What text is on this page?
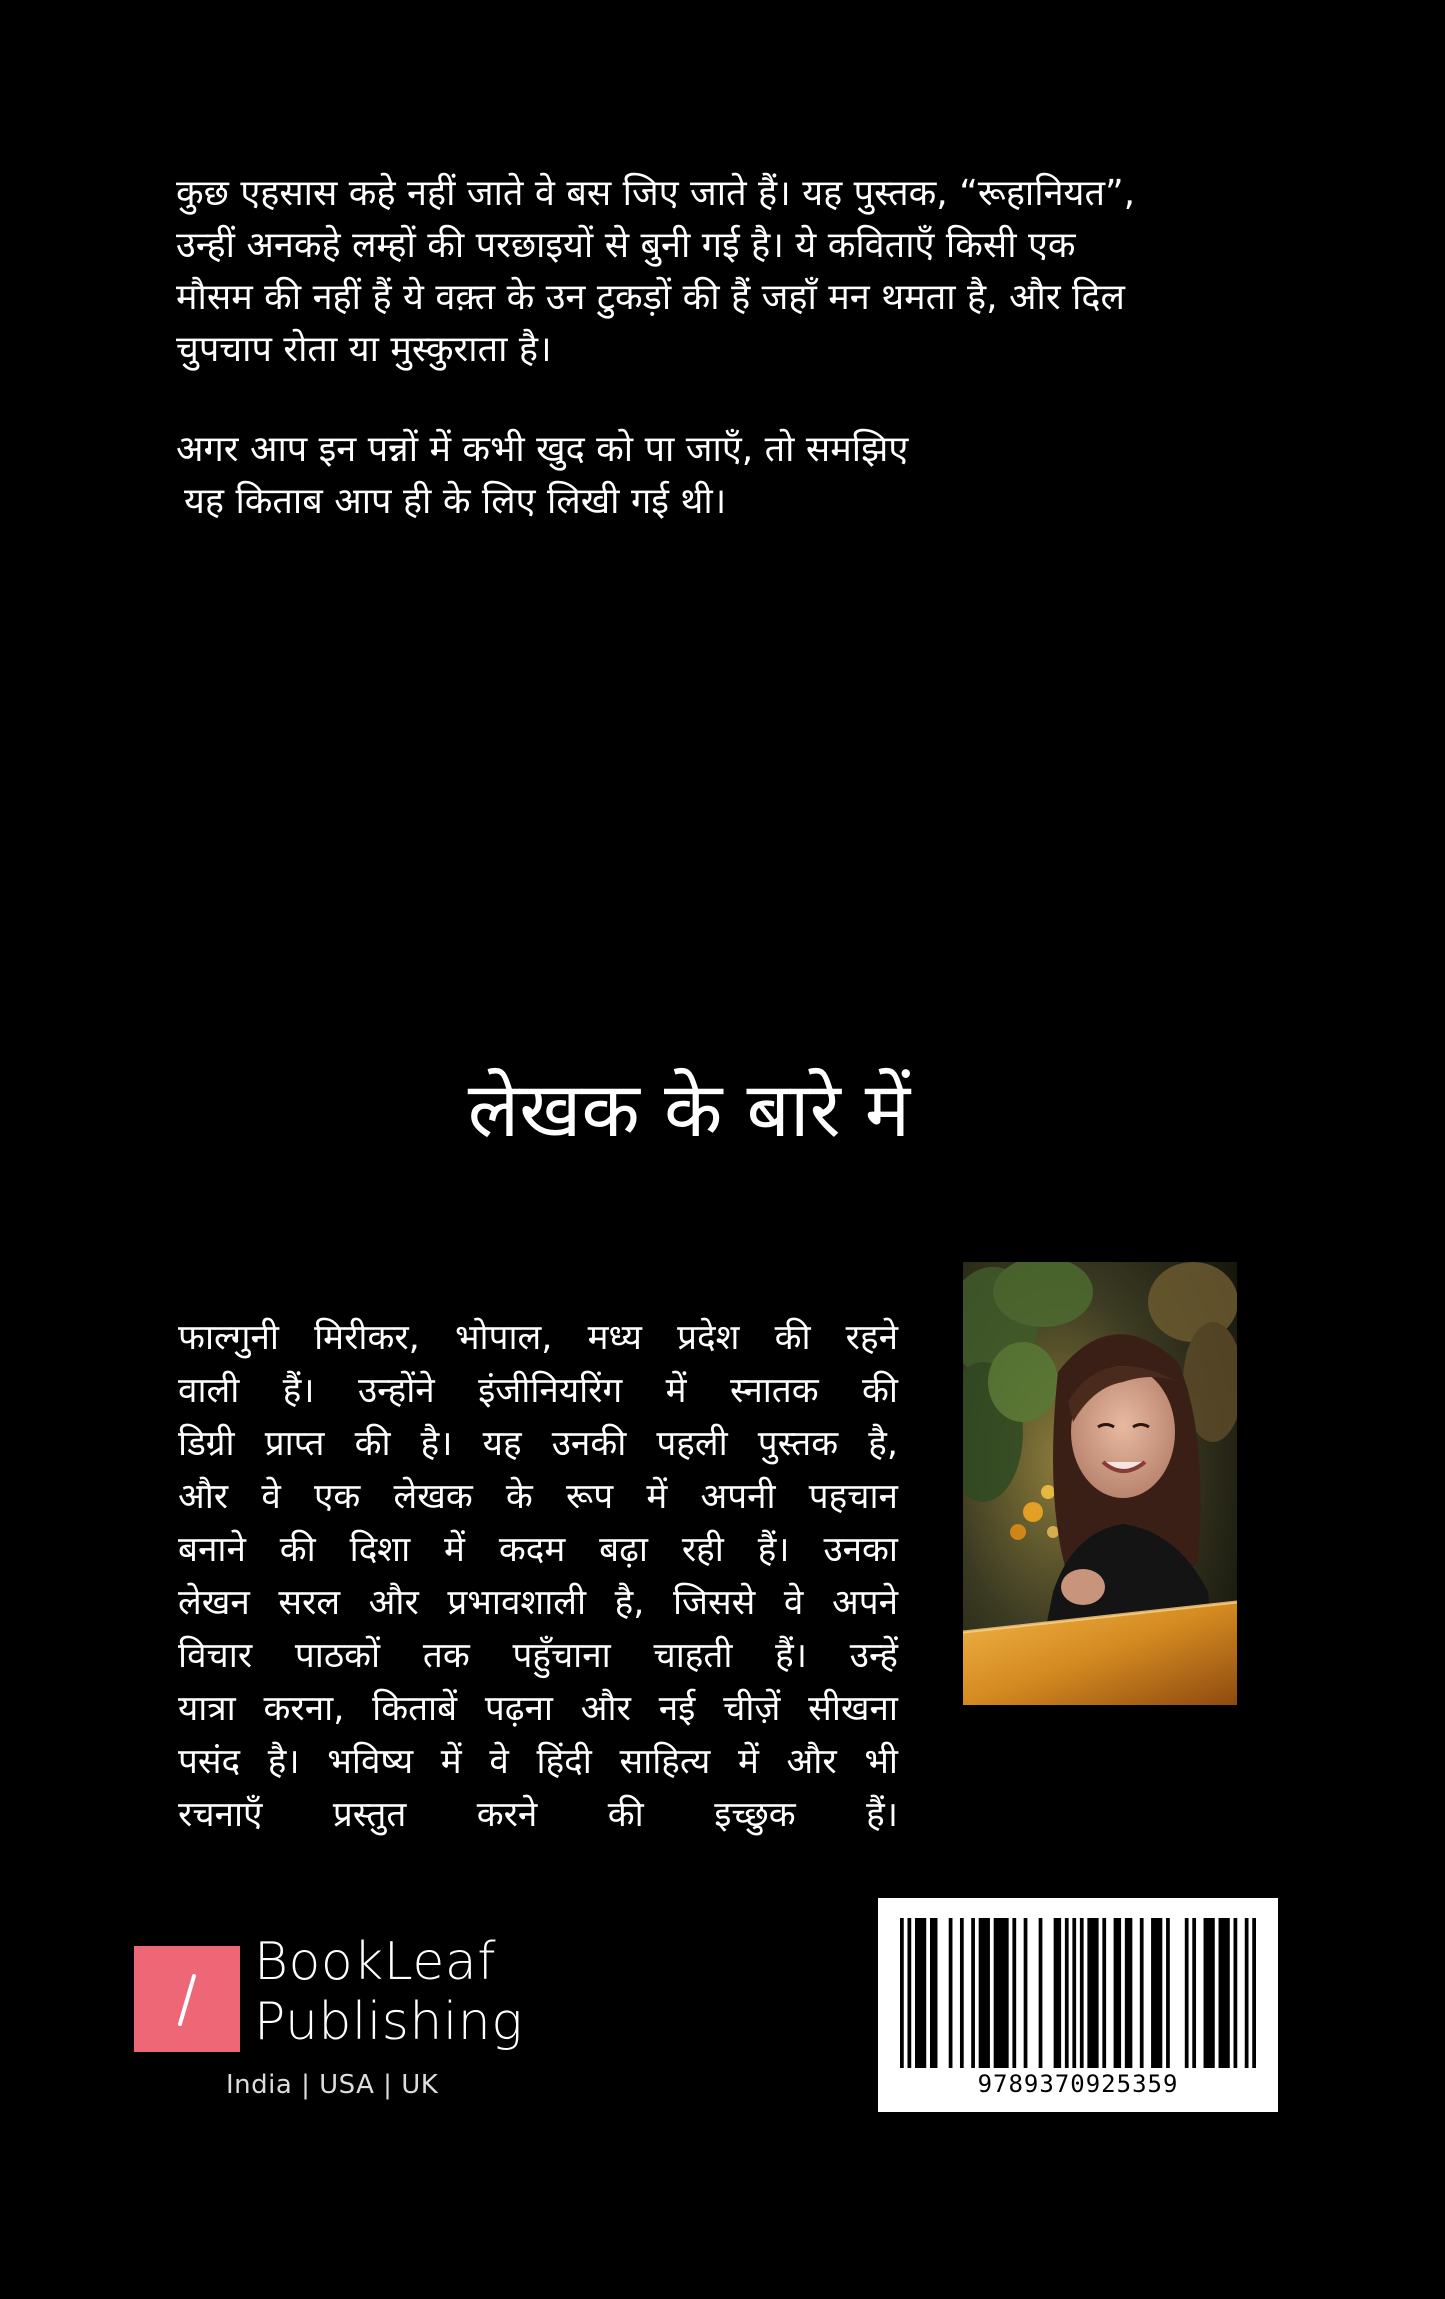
कुछ एहसास कहे नहीं जाते वे बस जिए जाते हैं। यह पुस्तक, “रूहानियत”,
उन्हीं अनकहे लम्हों की परछाइयों से बुनी गई है। ये कविताएँ किसी एक
मौसम की नहीं हैं ये वक़्त के उन टुकड़ों की हैं जहाँ मन थमता है, और दिल
चुपचाप रोता या मुस्कुराता है।

अगर आप इन पन्नों में कभी खुद को पा जाएँ, तो समझिए
यह किताब आप ही के लिए लिखी गई थी।

लेखक के बारे में
फाल्गुनी मिरीकर, भोपाल, मध्य प्रदेश की रहने
वाली हैं। उन्होंने इंजीनियरिंग में स्नातक की
डिग्री प्राप्त की है। यह उनकी पहली पुस्तक है,
और वे एक लेखक के रूप में अपनी पहचान
बनाने की दिशा में कदम बढ़ा रही हैं। उनका
लेखन सरल और प्रभावशाली है, जिससे वे अपने
विचार पाठकों तक पहुँचाना चाहती हैं। उन्हें
यात्रा करना, किताबें पढ़ना और नई चीज़ें सीखना
पसंद है। भविष्य में वे हिंदी साहित्य में और भी
रचनाएँ प्रस्तुत करने की इच्छुक हैं।
BookLeaf
Publishing
India | USA | UK	9789370925359
